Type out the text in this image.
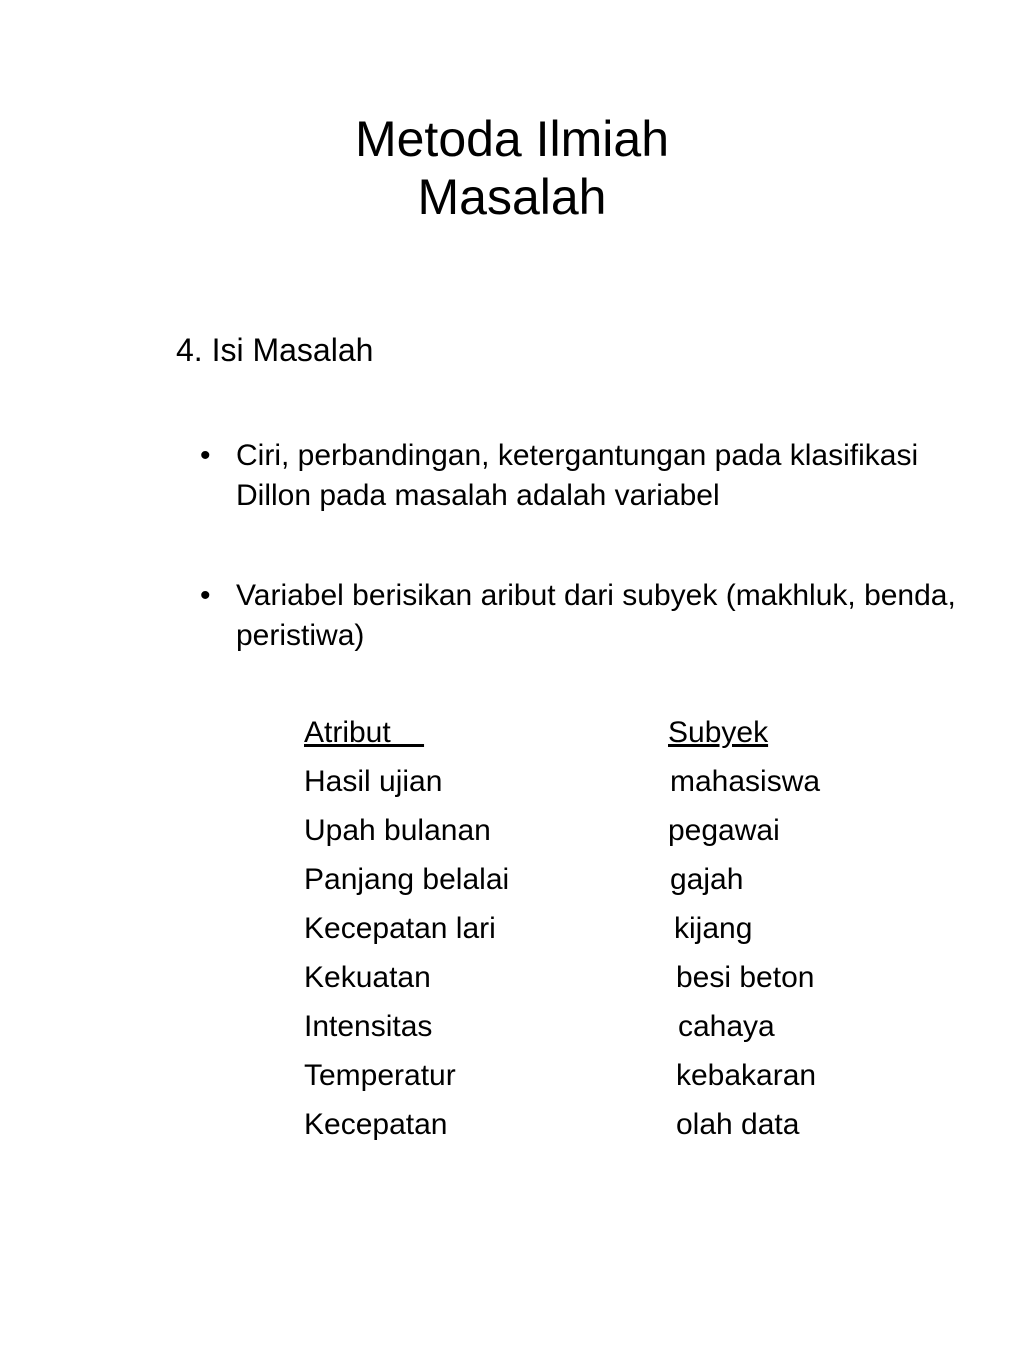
Metoda Ilmiah
Masalah
4. Isi Masalah
• Ciri, perbandingan, ketergantungan pada klasifikasi Dillon pada masalah adalah variabel
• Variabel berisikan aribut dari subyek (makhluk, benda, peristiwa)
Atribut	Subyek
Hasil ujian	mahasiswa
Upah bulanan	pegawai
Panjang belalai	gajah
Kecepatan lari	kijang
Kekuatan	besi beton
Intensitas	cahaya
Temperatur	kebakaran
Kecepatan	olah data
